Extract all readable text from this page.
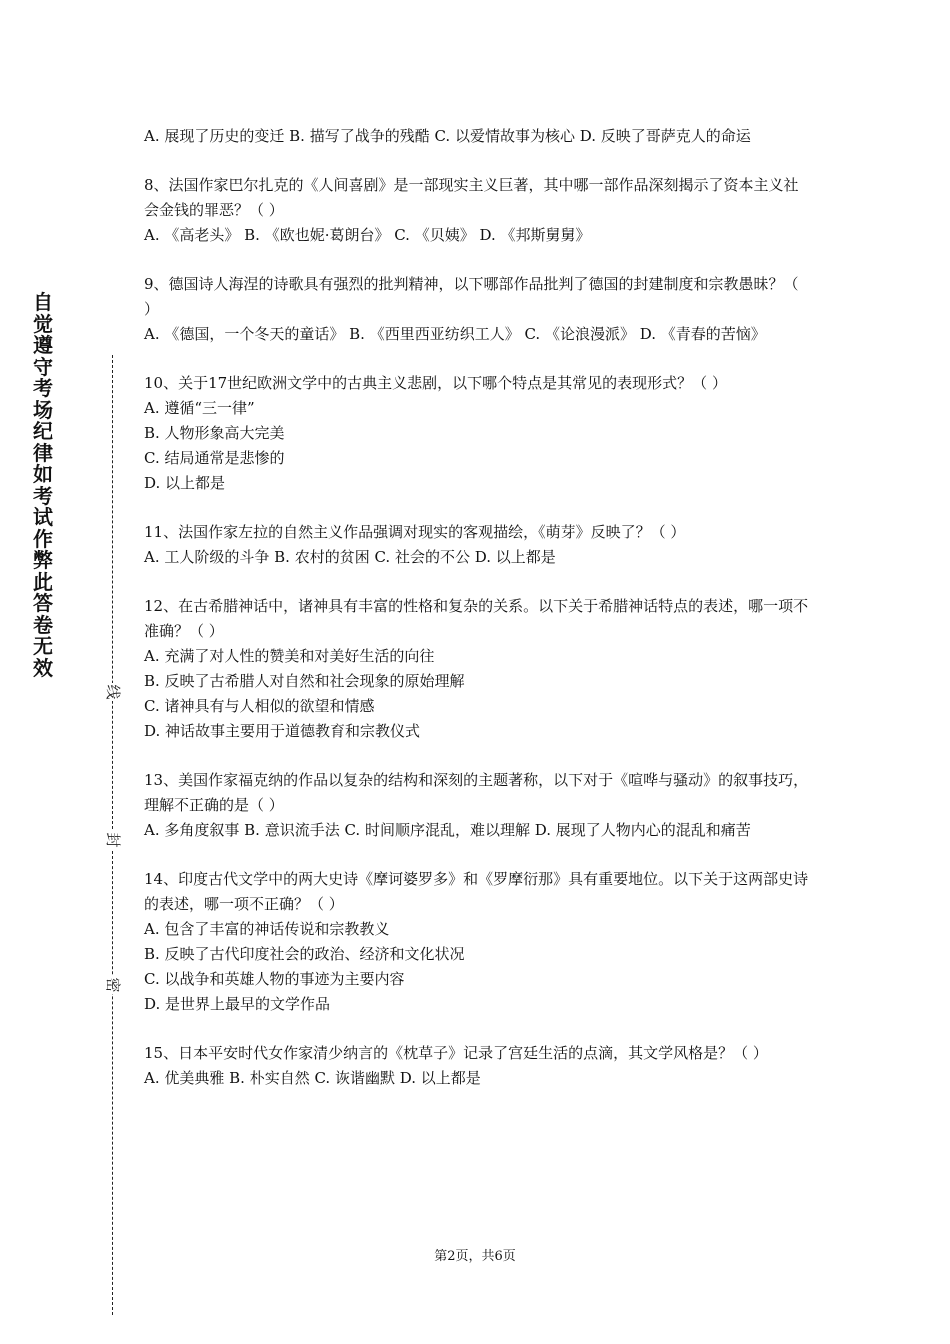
自觉遵守考场纪律如考试作弊此答卷无效
线
封
密

A. 展现了历史的变迁 B. 描写了战争的残酷 C. 以爱情故事为核心 D. 反映了哥萨克人的命运

8、法国作家巴尔扎克的《人间喜剧》是一部现实主义巨著，其中哪一部作品深刻揭示了资本主义社会金钱的罪恶？（ ）

A. 《高老头》 B. 《欧也妮·葛朗台》 C. 《贝姨》 D. 《邦斯舅舅》

9、德国诗人海涅的诗歌具有强烈的批判精神，以下哪部作品批判了德国的封建制度和宗教愚昧？（ ）

A. 《德国，一个冬天的童话》 B. 《西里西亚纺织工人》 C. 《论浪漫派》 D. 《青春的苦恼》

10、关于17世纪欧洲文学中的古典主义悲剧，以下哪个特点是其常见的表现形式？（ ）

A. 遵循“三一律”

B. 人物形象高大完美

C. 结局通常是悲惨的

D. 以上都是

11、法国作家左拉的自然主义作品强调对现实的客观描绘，《萌芽》反映了？（ ）

A. 工人阶级的斗争 B. 农村的贫困 C. 社会的不公 D. 以上都是

12、在古希腊神话中，诸神具有丰富的性格和复杂的关系。以下关于希腊神话特点的表述，哪一项不准确？（ ）

A. 充满了对人性的赞美和对美好生活的向往

B. 反映了古希腊人对自然和社会现象的原始理解

C. 诸神具有与人相似的欲望和情感

D. 神话故事主要用于道德教育和宗教仪式

13、美国作家福克纳的作品以复杂的结构和深刻的主题著称，以下对于《喧哗与骚动》的叙事技巧，理解不正确的是（ ）

A. 多角度叙事 B. 意识流手法 C. 时间顺序混乱，难以理解 D. 展现了人物内心的混乱和痛苦

14、印度古代文学中的两大史诗《摩诃婆罗多》和《罗摩衍那》具有重要地位。以下关于这两部史诗的表述，哪一项不正确？（ ）

A. 包含了丰富的神话传说和宗教教义

B. 反映了古代印度社会的政治、经济和文化状况

C. 以战争和英雄人物的事迹为主要内容

D. 是世界上最早的文学作品

15、日本平安时代女作家清少纳言的《枕草子》记录了宫廷生活的点滴，其文学风格是？（ ）

A. 优美典雅 B. 朴实自然 C. 诙谐幽默 D. 以上都是

第2页，共6页
